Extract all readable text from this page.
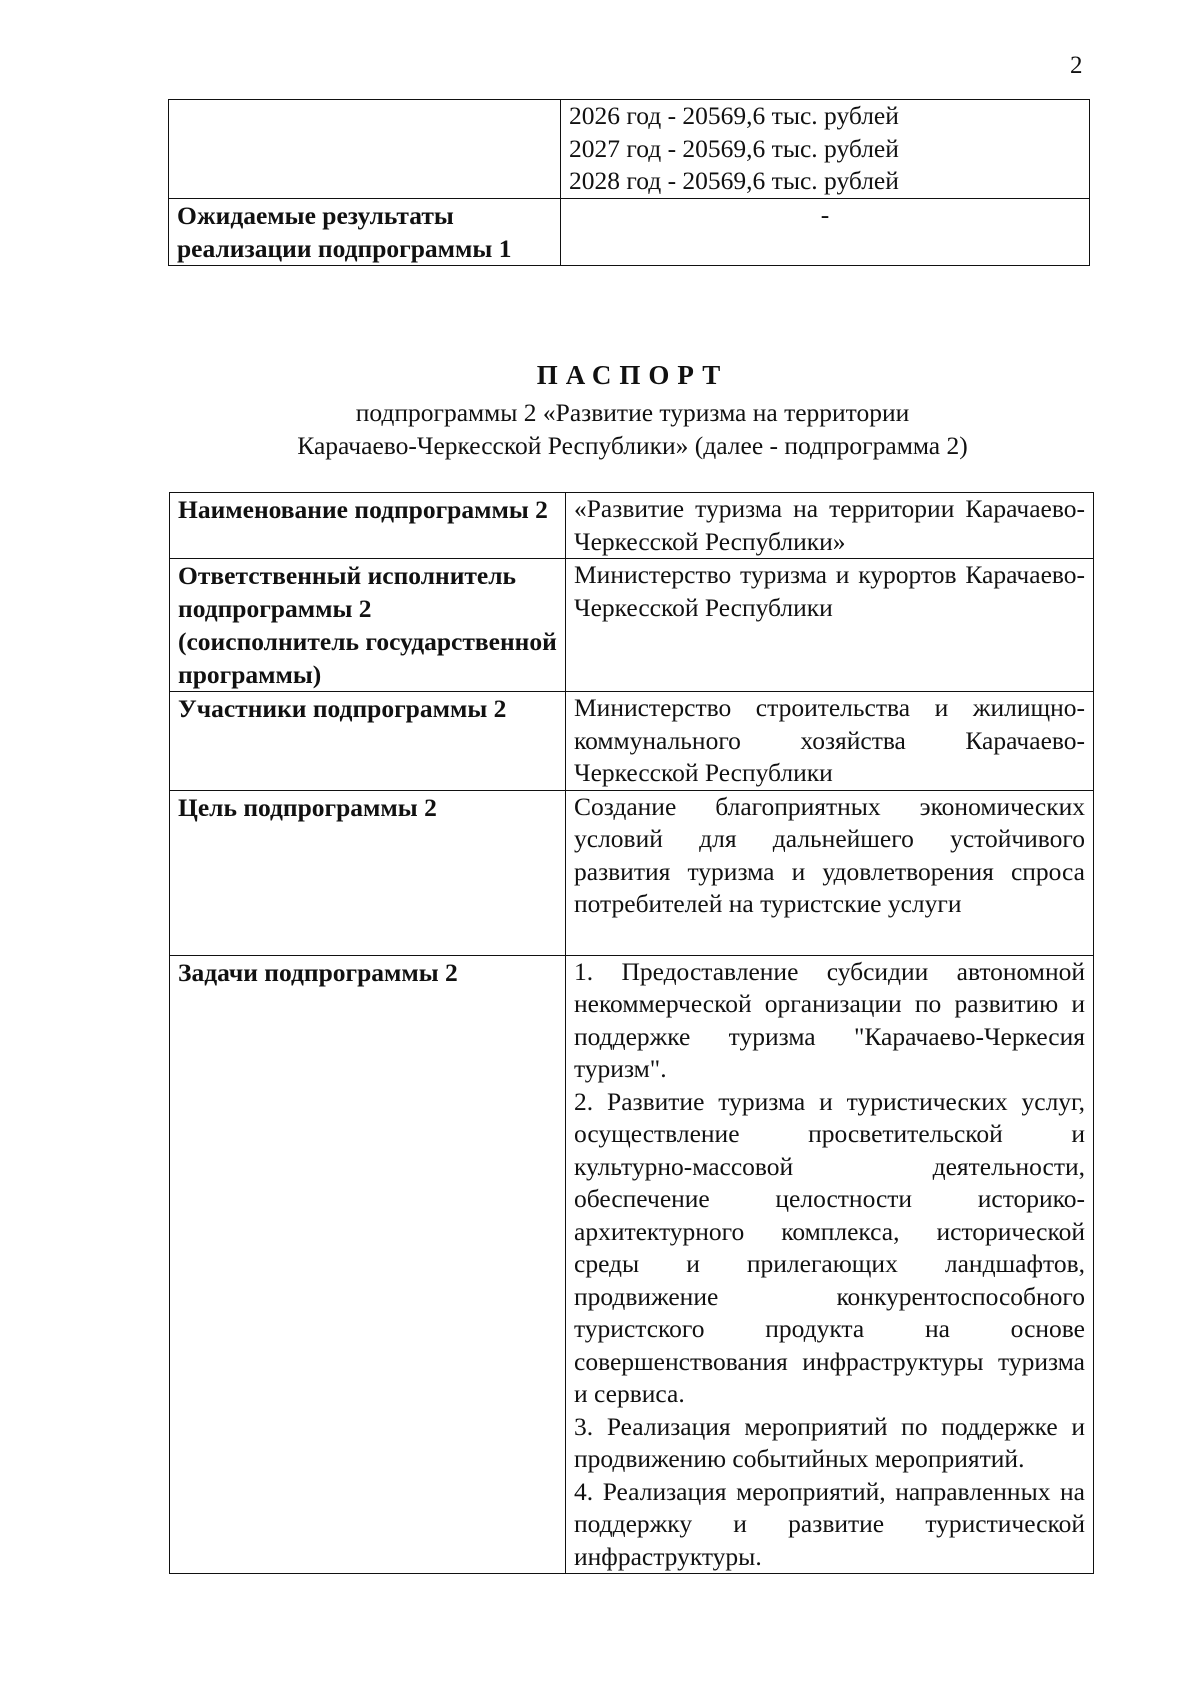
2

	2026 год - 20569,6 тыс. рублей

2027 год - 20569,6 тыс. рублей

2028 год - 20569,6 тыс. рублей

Ожидаемые результаты реализации подпрограммы 1	-
ПАСПОРТ
подпрограммы 2 «Развитие туризма на территории
Карачаево-Черкесской Республики» (далее - подпрограмма 2)
Наименование подпрограммы 2	«Развитие туризма на территории Карачаево-Черкесской Республики»
Ответственный исполнитель подпрограммы 2 (соисполнитель государственной программы)	Министерство туризма и курортов Карачаево-Черкесской Республики
Участники подпрограммы 2	Министерство строительства и жилищно-коммунального хозяйства Карачаево-Черкесской Республики
Цель подпрограммы 2	Создание благоприятных экономических условий для дальнейшего устойчивого развития туризма и удовлетворения спроса потребителей на туристские услуги
Задачи подпрограммы 2	1. Предоставление субсидии автономной некоммерческой организации по развитию и поддержке туризма "Карачаево-Черкесия туризм".

2. Развитие туризма и туристических услуг, осуществление просветительской и культурно-массовой деятельности, обеспечение целостности историко-архитектурного комплекса, исторической среды и прилегающих ландшафтов, продвижение конкурентоспособного туристского продукта на основе совершенствования инфраструктуры туризма и сервиса.

3. Реализация мероприятий по поддержке и продвижению событийных мероприятий.

4. Реализация мероприятий, направленных на поддержку и развитие туристической инфраструктуры.
